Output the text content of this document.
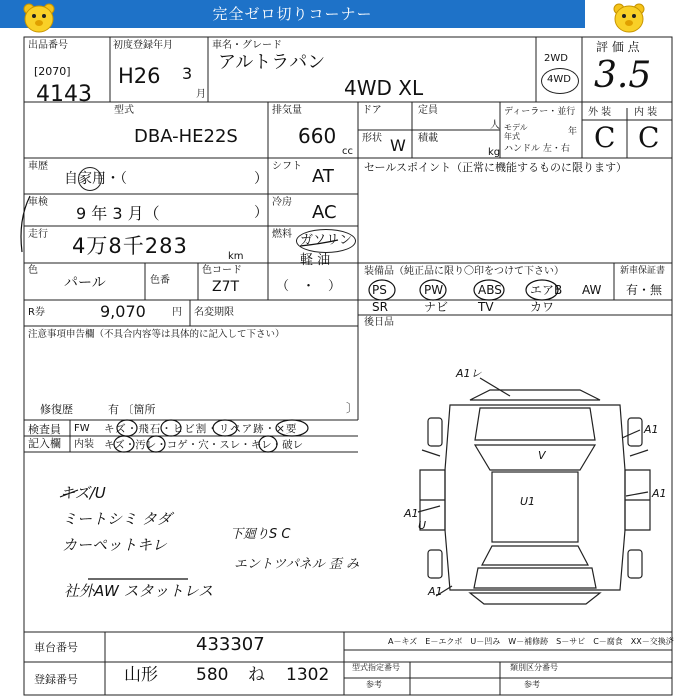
完全ゼロ切りコーナー
出品番号
[2070]
4143
初度登録年月
H26 3
月
車名・グレード
アルトラパン
4WD XL
2WD
4WD
評 価 点
3.5
型式
DBA-HE22S
排気量
660
cc
ドア	定員
人
形状 W 積載
kg
ディーラー・並行
モデル年式	年
ハンドル 左・右
外 装 内 装
C C
車歴
自家用・（	）
シフト AT	セールスポイント（正常に機能するものに限ります）
車検
9 年 3 月（	）
冷房 AC
走行 4万8千283	km
燃料 ガソリン
軽 油
色
パール	色番
色コード
Z7T	（　・　）
装備品（純正品に限り〇印をつけて下さい）	新車保証書
有・無
PS	PW	ABS エアB AW
SR	ナビ TV	カワ
後日品
R券	9,070	円 名変期限
注意事項申告欄（不具合内容等は具体的に記入して下さい）
修復歴	有 〔箇所	〕
検査員
記入欄
FW キズ・飛石・ヒビ割・リペア跡・×要
内装 キズ・汚レ・コゲ・穴・スレ・キレ・破レ
キズ/U
ミートシミ タダ
カーペットキレ
社外AW スタットレス
下廻りS C
エントツパネル 歪 み
A1レ
A1
A1
A1
A1
V
U1
U
車台番号	433307	A－キズ　E－エクボ　U－凹み　W－補修跡　S－サビ　C－腐食　XX－交換済
登録番号	山形 580 ね 1302	型式指定番号
参考
類別区分番号
参考
